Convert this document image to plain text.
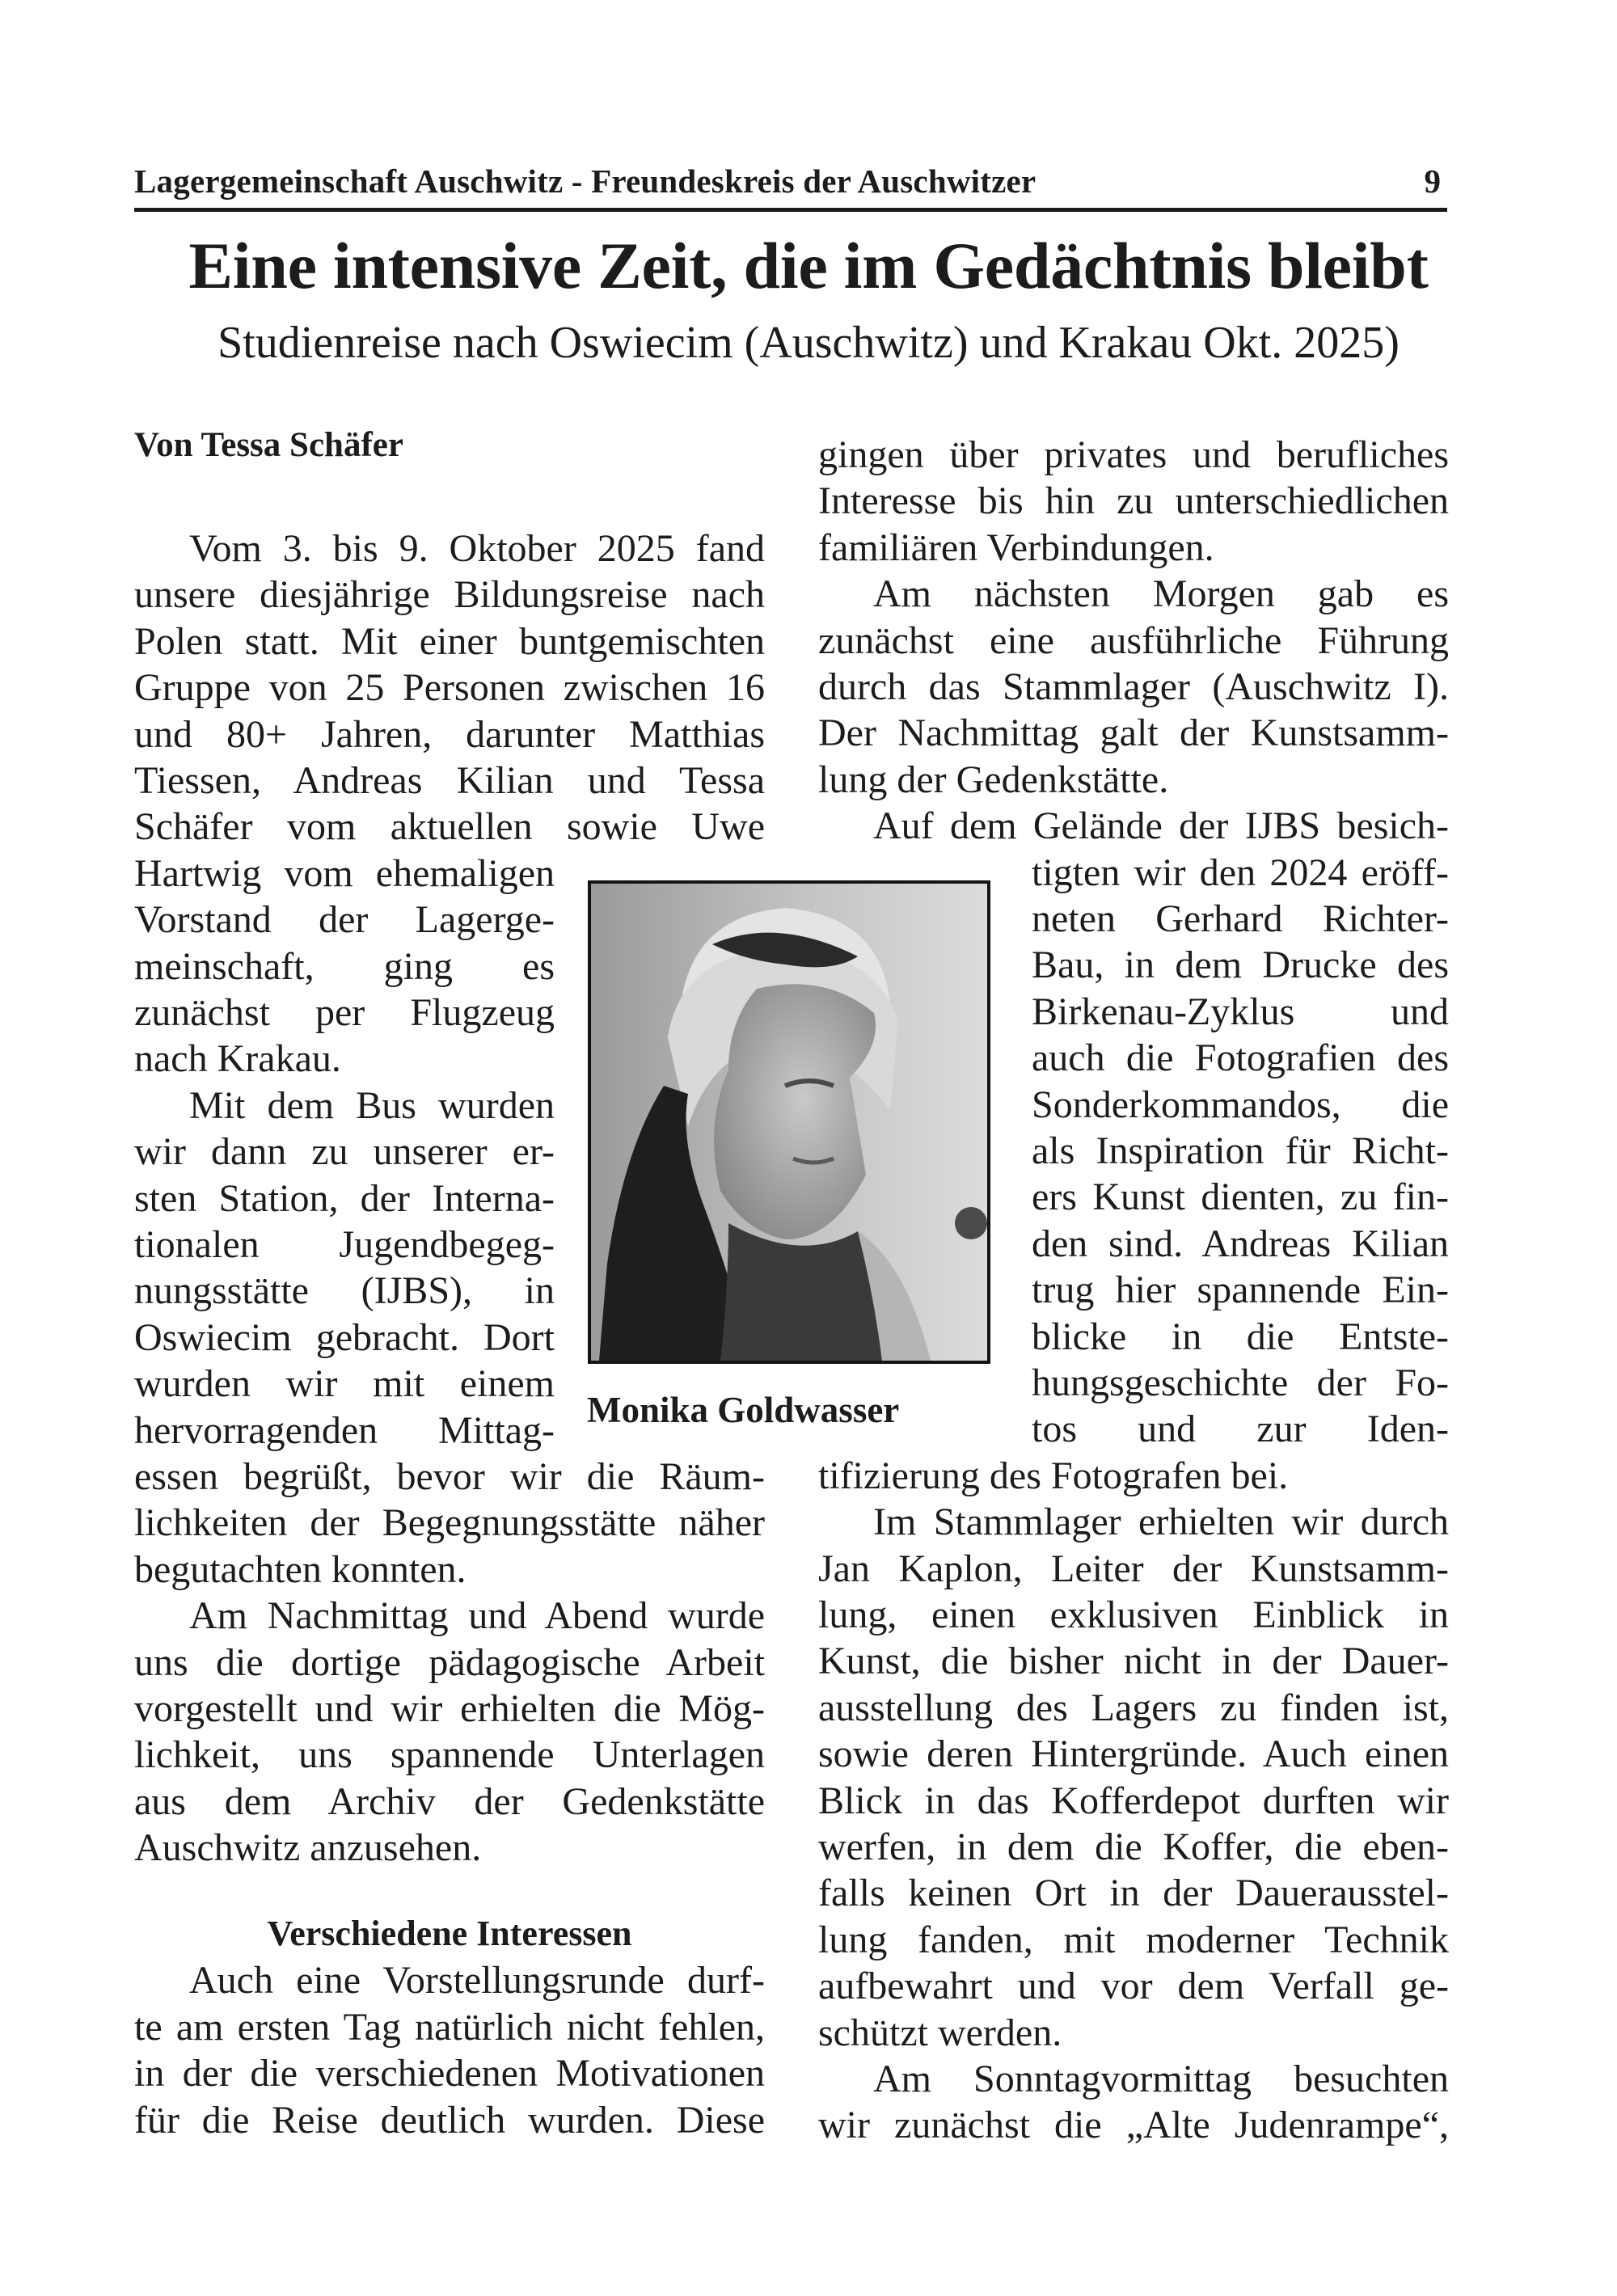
Lagergemeinschaft Auschwitz - Freundeskreis der Auschwitzer	9
Eine intensive Zeit, die im Gedächtnis bleibt
Studienreise nach Oswiecim (Auschwitz) und Krakau Okt. 2025)
Von Tessa Schäfer
Vom 3. bis 9. Oktober 2025 fand
unsere diesjährige Bildungsreise nach
Polen statt. Mit einer buntgemischten
Gruppe von 25 Personen zwischen 16
und 80+ Jahren, darunter Matthias
Tiessen, Andreas Kilian und Tessa
Schäfer vom aktuellen sowie Uwe
Hartwig vom ehemaligen
Vorstand der Lagerge-
meinschaft, ging es
zunächst per Flugzeug
nach Krakau.
Mit dem Bus wurden
wir dann zu unserer er-
sten Station, der Interna-
tionalen Jugendbegeg-
nungsstätte (IJBS), in
Oswiecim gebracht. Dort
wurden wir mit einem
hervorragenden Mittag-
essen begrüßt, bevor wir die Räum-
lichkeiten der Begegnungsstätte näher
begutachten konnten.
Am Nachmittag und Abend wurde
uns die dortige pädagogische Arbeit
vorgestellt und wir erhielten die Mög-
lichkeit, uns spannende Unterlagen
aus dem Archiv der Gedenkstätte
Auschwitz anzusehen.
Auch eine Vorstellungsrunde durf-
te am ersten Tag natürlich nicht fehlen,
in der die verschiedenen Motivationen
für die Reise deutlich wurden. Diese
Verschiedene Interessen
gingen über privates und berufliches
Interesse bis hin zu unterschiedlichen
familiären Verbindungen.
Am nächsten Morgen gab es
zunächst eine ausführliche Führung
durch das Stammlager (Auschwitz I).
Der Nachmittag galt der Kunstsamm-
lung der Gedenkstätte.
Auf dem Gelände der IJBS besich-
tigten wir den 2024 eröff-
neten Gerhard Richter-
Bau, in dem Drucke des
Birkenau-Zyklus und
auch die Fotografien des
Sonderkommandos, die
als Inspiration für Richt-
ers Kunst dienten, zu fin-
den sind. Andreas Kilian
trug hier spannende Ein-
blicke in die Entste-
hungsgeschichte der Fo-
tos und zur Iden-
tifizierung des Fotografen bei.
Im Stammlager erhielten wir durch
Jan Kaplon, Leiter der Kunstsamm-
lung, einen exklusiven Einblick in
Kunst, die bisher nicht in der Dauer-
ausstellung des Lagers zu finden ist,
sowie deren Hintergründe. Auch einen
Blick in das Kofferdepot durften wir
werfen, in dem die Koffer, die eben-
falls keinen Ort in der Dauerausstel-
lung fanden, mit moderner Technik
aufbewahrt und vor dem Verfall ge-
schützt werden.
Am Sonntagvormittag besuchten
wir zunächst die „Alte Judenrampe“,
Monika Goldwasser
